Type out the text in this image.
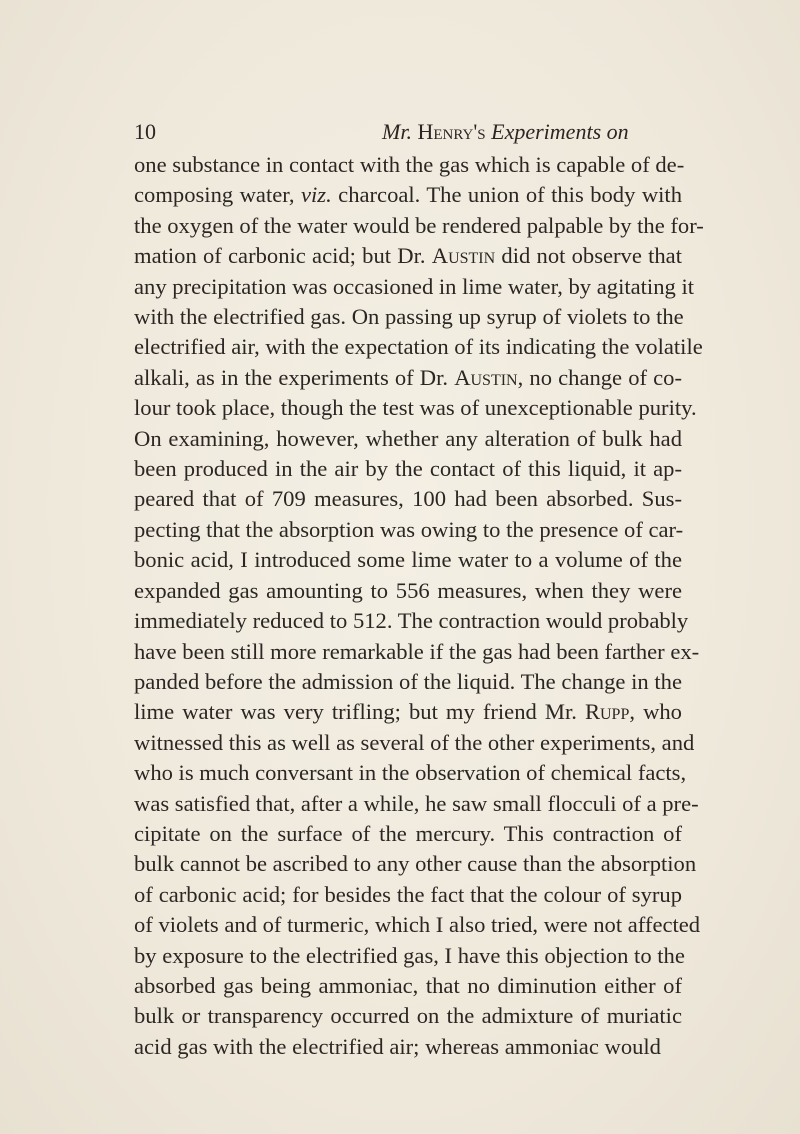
10	Mr. Henry's Experiments on
one substance in contact with the gas which is capable of de-
composing water, viz. charcoal. The union of this body with
the oxygen of the water would be rendered palpable by the for-
mation of carbonic acid; but Dr. Austin did not observe that
any precipitation was occasioned in lime water, by agitating it
with the electrified gas. On passing up syrup of violets to the
electrified air, with the expectation of its indicating the volatile
alkali, as in the experiments of Dr. Austin, no change of co-
lour took place, though the test was of unexceptionable purity.
On examining, however, whether any alteration of bulk had
been produced in the air by the contact of this liquid, it ap-
peared that of 709 measures, 100 had been absorbed. Sus-
pecting that the absorption was owing to the presence of car-
bonic acid, I introduced some lime water to a volume of the
expanded gas amounting to 556 measures, when they were
immediately reduced to 512. The contraction would probably
have been still more remarkable if the gas had been farther ex-
panded before the admission of the liquid. The change in the
lime water was very trifling; but my friend Mr. Rupp, who
witnessed this as well as several of the other experiments, and
who is much conversant in the observation of chemical facts,
was satisfied that, after a while, he saw small flocculi of a pre-
cipitate on the surface of the mercury. This contraction of
bulk cannot be ascribed to any other cause than the absorption
of carbonic acid; for besides the fact that the colour of syrup
of violets and of turmeric, which I also tried, were not affected
by exposure to the electrified gas, I have this objection to the
absorbed gas being ammoniac, that no diminution either of
bulk or transparency occurred on the admixture of muriatic
acid gas with the electrified air; whereas ammoniac would
